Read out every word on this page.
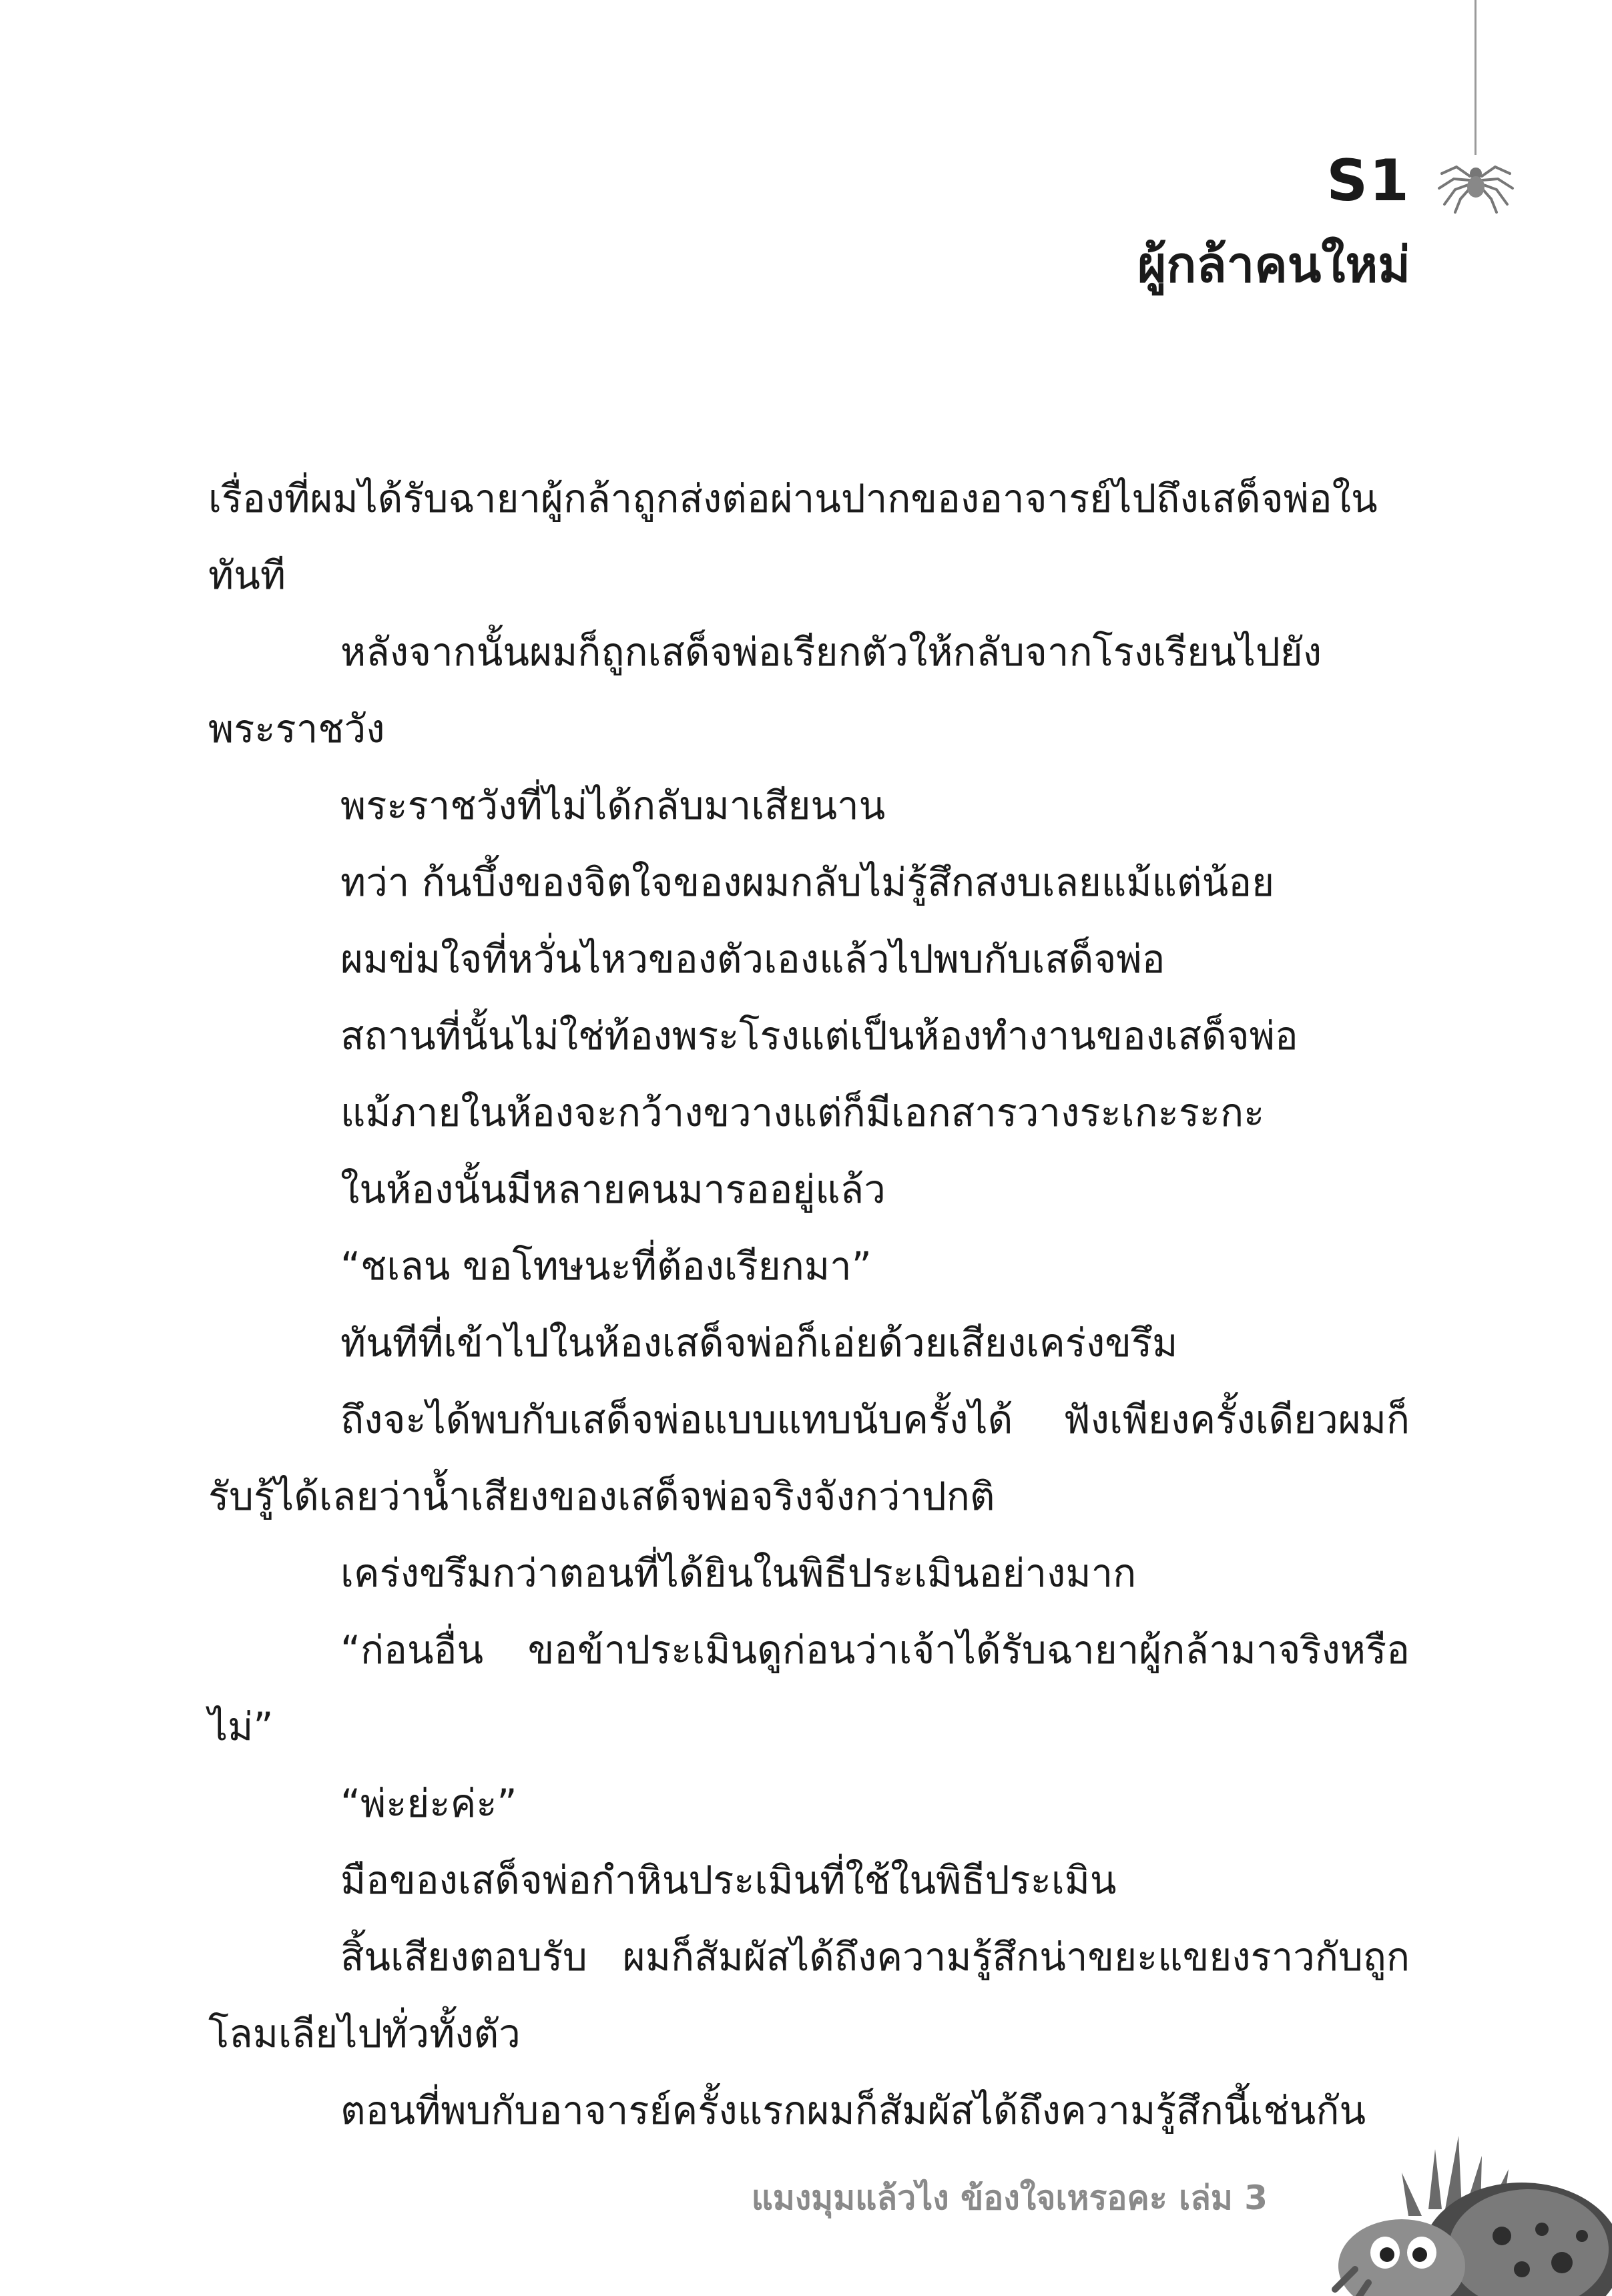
S1
ผู้กล้าคนใหม่

เรื่องที่ผมได้รับฉายาผู้กล้าถูกส่งต่อผ่านปากของอาจารย์ไปถึงเสด็จพ่อในทันที

หลังจากนั้นผมก็ถูกเสด็จพ่อเรียกตัวให้กลับจากโรงเรียนไปยังพระราชวัง

พระราชวังที่ไม่ได้กลับมาเสียนาน

ทว่า ก้นบึ้งของจิตใจของผมกลับไม่รู้สึกสงบเลยแม้แต่น้อย

ผมข่มใจที่หวั่นไหวของตัวเองแล้วไปพบกับเสด็จพ่อ

สถานที่นั้นไม่ใช่ท้องพระโรงแต่เป็นห้องทำงานของเสด็จพ่อ

แม้ภายในห้องจะกว้างขวางแต่ก็มีเอกสารวางระเกะระกะ

ในห้องนั้นมีหลายคนมารออยู่แล้ว

“ชเลน ขอโทษนะที่ต้องเรียกมา”

ทันทีที่เข้าไปในห้องเสด็จพ่อก็เอ่ยด้วยเสียงเคร่งขรึม

ถึงจะได้พบกับเสด็จพ่อแบบแทบนับครั้งได้ ฟังเพียงครั้งเดียวผมก็รับรู้ได้เลยว่าน้ำเสียงของเสด็จพ่อจริงจังกว่าปกติ

เคร่งขรึมกว่าตอนที่ได้ยินในพิธีประเมินอย่างมาก

“ก่อนอื่น ขอข้าประเมินดูก่อนว่าเจ้าได้รับฉายาผู้กล้ามาจริงหรือไม่”

“พ่ะย่ะค่ะ”

มือของเสด็จพ่อกำหินประเมินที่ใช้ในพิธีประเมิน

สิ้นเสียงตอบรับ ผมก็สัมผัสได้ถึงความรู้สึกน่าขยะแขยงราวกับถูกโลมเลียไปทั่วทั้งตัว

ตอนที่พบกับอาจารย์ครั้งแรกผมก็สัมผัสได้ถึงความรู้สึกนี้เช่นกัน

แมงมุมแล้วไง ข้องใจเหรอคะ เล่ม 3
